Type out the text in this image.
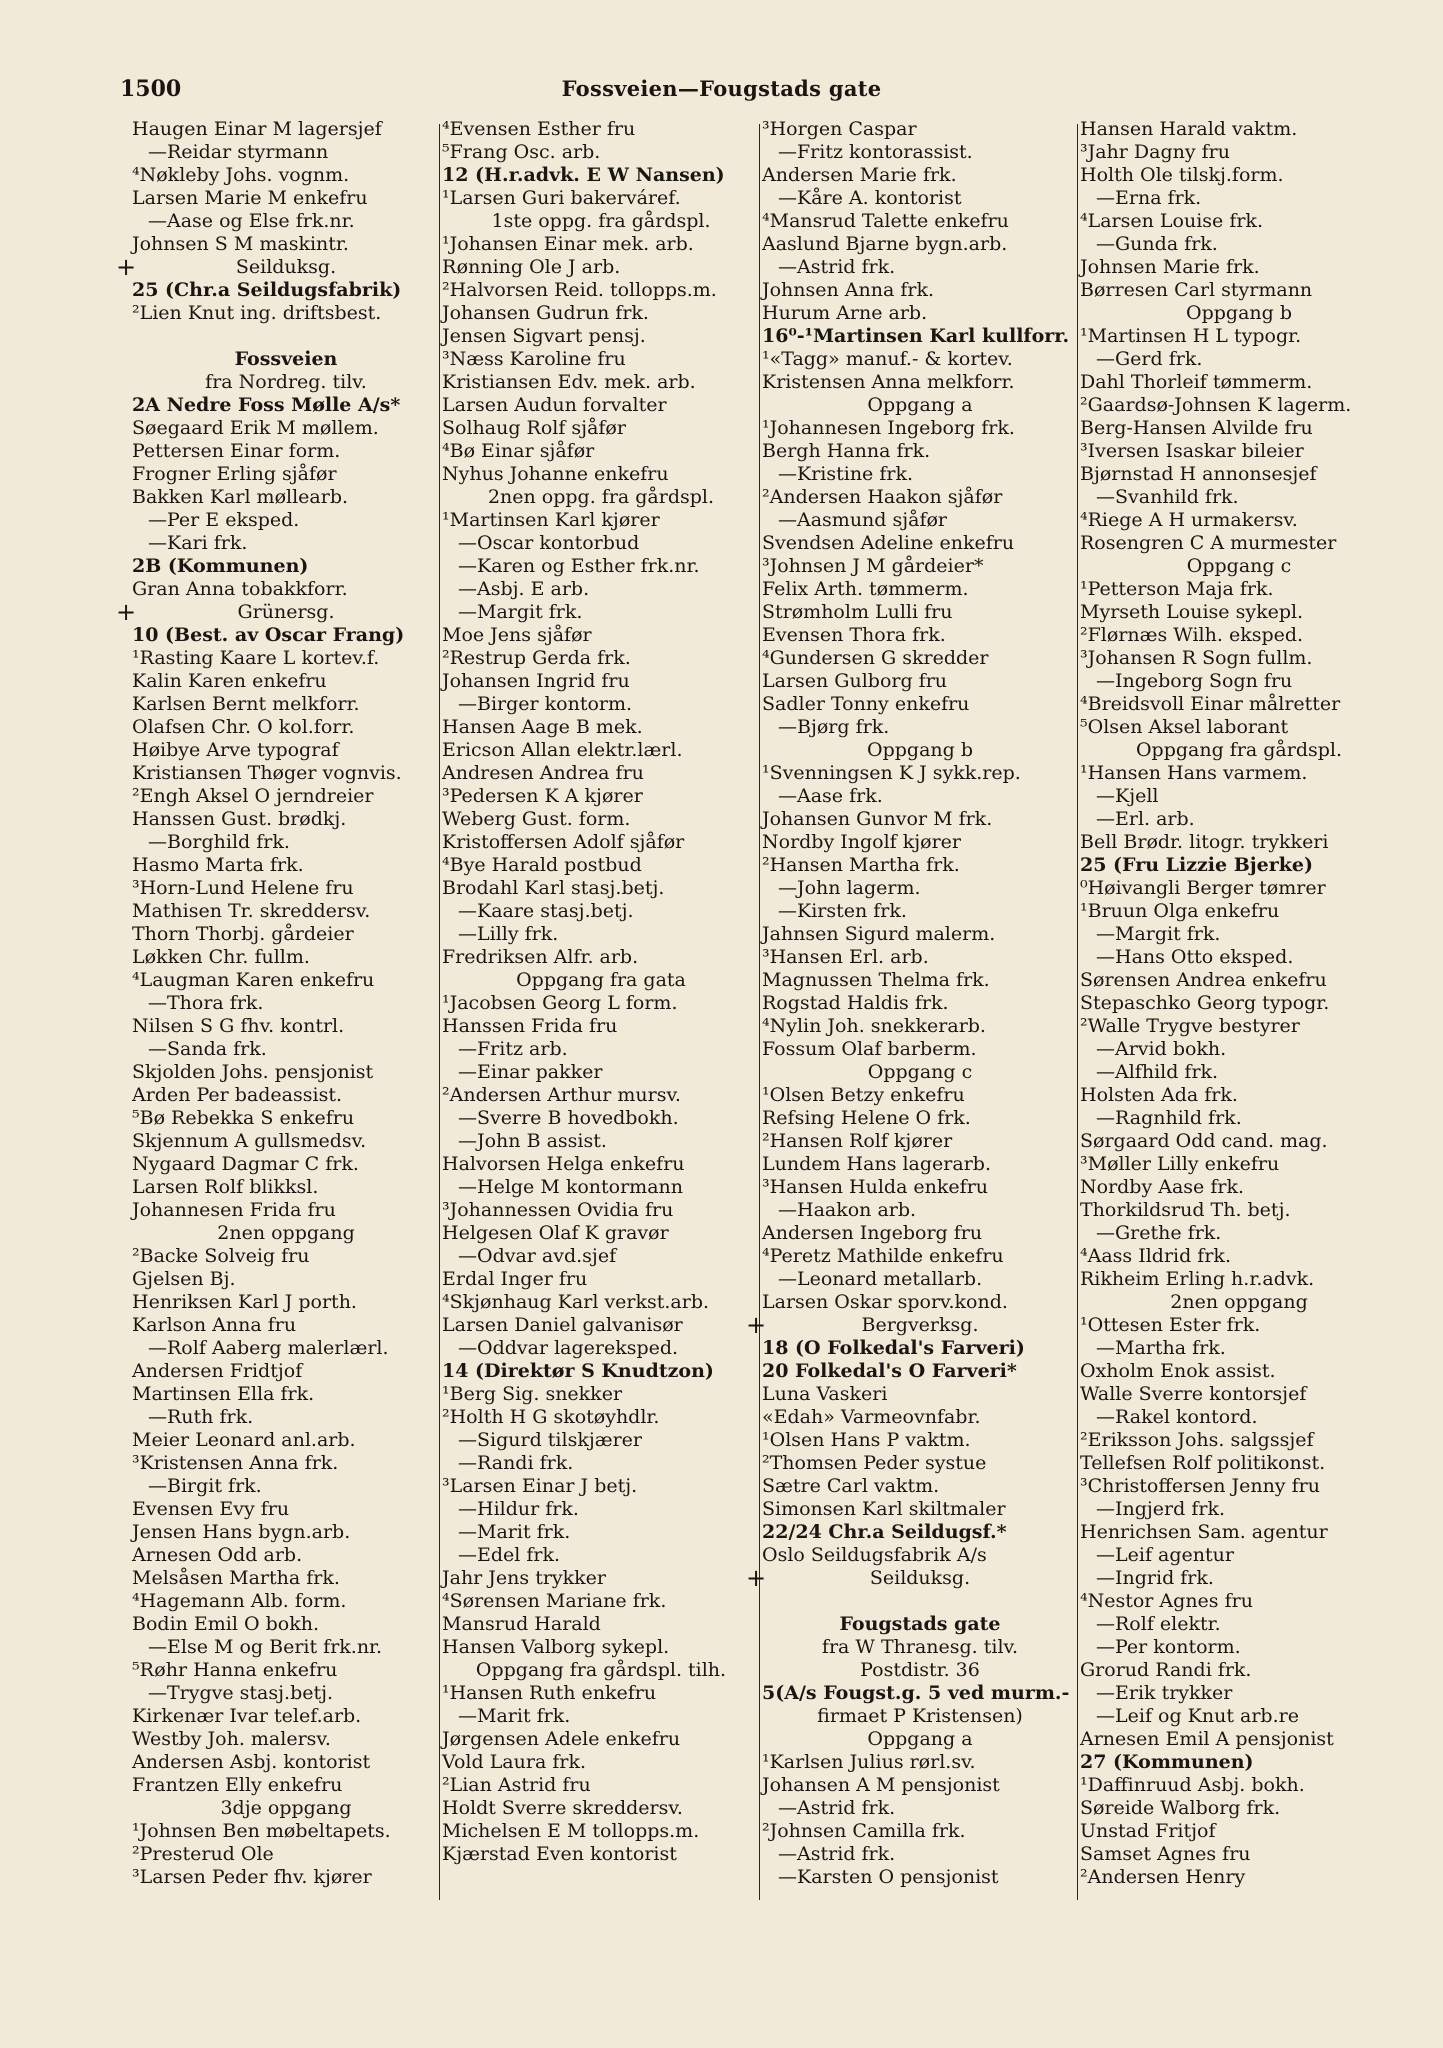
1500	Fossveien—Fougstads gate
Haugen Einar M lagersjef
—Reidar styrmann
⁴Nøkleby Johs. vognm.
Larsen Marie M enkefru
—Aase og Else frk.nr.
Johnsen S M maskintr.
+	Seilduksg.
25 (Chr.a Seildugsfabrik)
²Lien Knut ing. driftsbest.
Fossveien
fra Nordreg. tilv.
2A Nedre Foss Mølle A/s*
Søegaard Erik M møllem.
Pettersen Einar form.
Frogner Erling sjåfør
Bakken Karl møllearb.
—Per E eksped.
—Kari frk.
2B (Kommunen)
Gran Anna tobakkforr.
+	Grünersg.
10 (Best. av Oscar Frang)
¹Rasting Kaare L kortev.f.
Kalin Karen enkefru
Karlsen Bernt melkforr.
Olafsen Chr. O kol.forr.
Høibye Arve typograf
Kristiansen Thøger vognvis.
²Engh Aksel O jerndreier
Hanssen Gust. brødkj.
—Borghild frk.
Hasmo Marta frk.
³Horn-Lund Helene fru
Mathisen Tr. skreddersv.
Thorn Thorbj. gårdeier
Løkken Chr. fullm.
⁴Laugman Karen enkefru
—Thora frk.
Nilsen S G fhv. kontrl.
—Sanda frk.
Skjolden Johs. pensjonist
Arden Per badeassist.
⁵Bø Rebekka S enkefru
Skjennum A gullsmedsv.
Nygaard Dagmar C frk.
Larsen Rolf blikksl.
Johannesen Frida fru
2nen oppgang
²Backe Solveig fru
Gjelsen Bj.
Henriksen Karl J porth.
Karlson Anna fru
—Rolf Aaberg malerlærl.
Andersen Fridtjof
Martinsen Ella frk.
—Ruth frk.
Meier Leonard anl.arb.
³Kristensen Anna frk.
—Birgit frk.
Evensen Evy fru
Jensen Hans bygn.arb.
Arnesen Odd arb.
Melsåsen Martha frk.
⁴Hagemann Alb. form.
Bodin Emil O bokh.
—Else M og Berit frk.nr.
⁵Røhr Hanna enkefru
—Trygve stasj.betj.
Kirkenær Ivar telef.arb.
Westby Joh. malersv.
Andersen Asbj. kontorist
Frantzen Elly enkefru
3dje oppgang
¹Johnsen Ben møbeltapets.
²Presterud Ole
³Larsen Peder fhv. kjører
⁴Evensen Esther fru
⁵Frang Osc. arb.
12 (H.r.advk. E W Nansen)
¹Larsen Guri bakerváref.
1ste oppg. fra gårdspl.
¹Johansen Einar mek. arb.
Rønning Ole J arb.
²Halvorsen Reid. tollopps.m.
Johansen Gudrun frk.
Jensen Sigvart pensj.
³Næss Karoline fru
Kristiansen Edv. mek. arb.
Larsen Audun forvalter
Solhaug Rolf sjåfør
⁴Bø Einar sjåfør
Nyhus Johanne enkefru
2nen oppg. fra gårdspl.
¹Martinsen Karl kjører
—Oscar kontorbud
—Karen og Esther frk.nr.
—Asbj. E arb.
—Margit frk.
Moe Jens sjåfør
²Restrup Gerda frk.
Johansen Ingrid fru
—Birger kontorm.
Hansen Aage B mek.
Ericson Allan elektr.lærl.
Andresen Andrea fru
³Pedersen K A kjører
Weberg Gust. form.
Kristoffersen Adolf sjåfør
⁴Bye Harald postbud
Brodahl Karl stasj.betj.
—Kaare stasj.betj.
—Lilly frk.
Fredriksen Alfr. arb.
Oppgang fra gata
¹Jacobsen Georg L form.
Hanssen Frida fru
—Fritz arb.
—Einar pakker
²Andersen Arthur mursv.
—Sverre B hovedbokh.
—John B assist.
Halvorsen Helga enkefru
—Helge M kontormann
³Johannessen Ovidia fru
Helgesen Olaf K gravør
—Odvar avd.sjef
Erdal Inger fru
⁴Skjønhaug Karl verkst.arb.
Larsen Daniel galvanisør
—Oddvar lagereksped.
14 (Direktør S Knudtzon)
¹Berg Sig. snekker
²Holth H G skotøyhdlr.
—Sigurd tilskjærer
—Randi frk.
³Larsen Einar J betj.
—Hildur frk.
—Marit frk.
—Edel frk.
Jahr Jens trykker
⁴Sørensen Mariane frk.
Mansrud Harald
Hansen Valborg sykepl.
Oppgang fra gårdspl. tilh.
¹Hansen Ruth enkefru
—Marit frk.
Jørgensen Adele enkefru
Vold Laura frk.
²Lian Astrid fru
Holdt Sverre skreddersv.
Michelsen E M tollopps.m.
Kjærstad Even kontorist
³Horgen Caspar
—Fritz kontorassist.
Andersen Marie frk.
—Kåre A. kontorist
⁴Mansrud Talette enkefru
Aaslund Bjarne bygn.arb.
—Astrid frk.
Johnsen Anna frk.
Hurum Arne arb.
16⁰-¹Martinsen Karl kullforr.
¹«Tagg» manuf.- & kortev.
Kristensen Anna melkforr.
Oppgang a
¹Johannesen Ingeborg frk.
Bergh Hanna frk.
—Kristine frk.
²Andersen Haakon sjåfør
—Aasmund sjåfør
Svendsen Adeline enkefru
³Johnsen J M gårdeier*
Felix Arth. tømmerm.
Strømholm Lulli fru
Evensen Thora frk.
⁴Gundersen G skredder
Larsen Gulborg fru
Sadler Tonny enkefru
—Bjørg frk.
Oppgang b
¹Svenningsen K J sykk.rep.
—Aase frk.
Johansen Gunvor M frk.
Nordby Ingolf kjører
²Hansen Martha frk.
—John lagerm.
—Kirsten frk.
Jahnsen Sigurd malerm.
³Hansen Erl. arb.
Magnussen Thelma frk.
Rogstad Haldis frk.
⁴Nylin Joh. snekkerarb.
Fossum Olaf barberm.
Oppgang c
¹Olsen Betzy enkefru
Refsing Helene O frk.
²Hansen Rolf kjører
Lundem Hans lagerarb.
³Hansen Hulda enkefru
—Haakon arb.
Andersen Ingeborg fru
⁴Peretz Mathilde enkefru
—Leonard metallarb.
Larsen Oskar sporv.kond.
+	Bergverksg.
18 (O Folkedal's Farveri)
20 Folkedal's O Farveri*
Luna Vaskeri
«Edah» Varmeovnfabr.
¹Olsen Hans P vaktm.
²Thomsen Peder systue
Sætre Carl vaktm.
Simonsen Karl skiltmaler
22/24 Chr.a Seildugsf.*
Oslo Seildugsfabrik A/s
+	Seilduksg.
Fougstads gate
fra W Thranesg. tilv.
Postdistr. 36
5(A/s Fougst.g. 5 ved murm.-
firmaet P Kristensen)
Oppgang a
¹Karlsen Julius rørl.sv.
Johansen A M pensjonist
—Astrid frk.
²Johnsen Camilla frk.
—Astrid frk.
—Karsten O pensjonist
Hansen Harald vaktm.
³Jahr Dagny fru
Holth Ole tilskj.form.
—Erna frk.
⁴Larsen Louise frk.
—Gunda frk.
Johnsen Marie frk.
Børresen Carl styrmann
Oppgang b
¹Martinsen H L typogr.
—Gerd frk.
Dahl Thorleif tømmerm.
²Gaardsø-Johnsen K lagerm.
Berg-Hansen Alvilde fru
³Iversen Isaskar bileier
Bjørnstad H annonsesjef
—Svanhild frk.
⁴Riege A H urmakersv.
Rosengren C A murmester
Oppgang c
¹Petterson Maja frk.
Myrseth Louise sykepl.
²Flørnæs Wilh. eksped.
³Johansen R Sogn fullm.
—Ingeborg Sogn fru
⁴Breidsvoll Einar målretter
⁵Olsen Aksel laborant
Oppgang fra gårdspl.
¹Hansen Hans varmem.
—Kjell
—Erl. arb.
Bell Brødr. litogr. trykkeri
25 (Fru Lizzie Bjerke)
⁰Høivangli Berger tømrer
¹Bruun Olga enkefru
—Margit frk.
—Hans Otto eksped.
Sørensen Andrea enkefru
Stepaschko Georg typogr.
²Walle Trygve bestyrer
—Arvid bokh.
—Alfhild frk.
Holsten Ada frk.
—Ragnhild frk.
Sørgaard Odd cand. mag.
³Møller Lilly enkefru
Nordby Aase frk.
Thorkildsrud Th. betj.
—Grethe frk.
⁴Aass Ildrid frk.
Rikheim Erling h.r.advk.
2nen oppgang
¹Ottesen Ester frk.
—Martha frk.
Oxholm Enok assist.
Walle Sverre kontorsjef
—Rakel kontord.
²Eriksson Johs. salgssjef
Tellefsen Rolf politikonst.
³Christoffersen Jenny fru
—Ingjerd frk.
Henrichsen Sam. agentur
—Leif agentur
—Ingrid frk.
⁴Nestor Agnes fru
—Rolf elektr.
—Per kontorm.
Grorud Randi frk.
—Erik trykker
—Leif og Knut arb.re
Arnesen Emil A pensjonist
27 (Kommunen)
¹Daffinruud Asbj. bokh.
Søreide Walborg frk.
Unstad Fritjof
Samset Agnes fru
²Andersen Henry
